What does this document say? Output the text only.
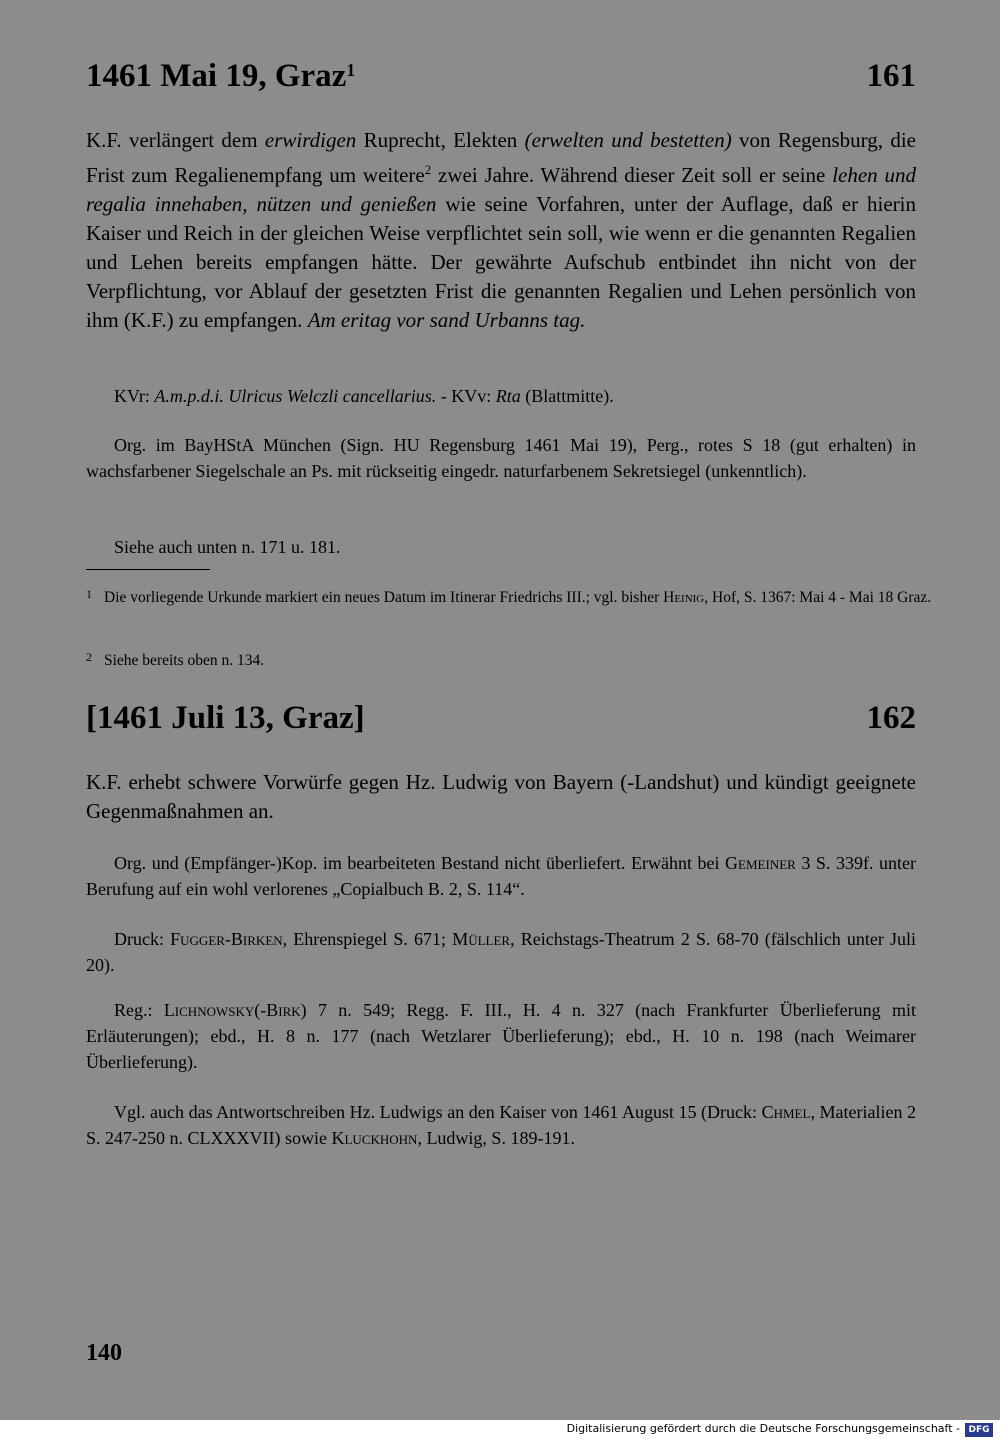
1461 Mai 19, Graz$^1$	161
K.F. verlängert dem erwirdigen Ruprecht, Elekten (erwelten und bestetten) von Regensburg, die Frist zum Regalienempfang um weitere$^2$ zwei Jahre. Während dieser Zeit soll er seine lehen und regalia innehaben, nützen und genießen wie seine Vorfahren, unter der Auflage, daß er hierin Kaiser und Reich in der gleichen Weise verpflichtet sein soll, wie wenn er die genannten Regalien und Lehen bereits empfangen hätte. Der gewährte Aufschub entbindet ihn nicht von der Verpflichtung, vor Ablauf der gesetzten Frist die genannten Regalien und Lehen persönlich von ihm (K.F.) zu empfangen. Am eritag vor sand Urbanns tag.
KVr: A.m.p.d.i. Ulricus Welczli cancellarius. - KVv: Rta (Blattmitte).
Org. im BayHStA München (Sign. HU Regensburg 1461 Mai 19), Perg., rotes S 18 (gut erhalten) in wachsfarbener Siegelschale an Ps. mit rückseitig eingedr. naturfarbenem Sekretsiegel (unkenntlich).
Siehe auch unten n. 171 u. 181.
1 Die vorliegende Urkunde markiert ein neues Datum im Itinerar Friedrichs III.; vgl. bisher Heinig, Hof, S. 1367: Mai 4 - Mai 18 Graz.
2 Siehe bereits oben n. 134.
[1461 Juli 13, Graz]	162
K.F. erhebt schwere Vorwürfe gegen Hz. Ludwig von Bayern (-Landshut) und kündigt geeignete Gegenmaßnahmen an.
Org. und (Empfänger-)Kop. im bearbeiteten Bestand nicht überliefert. Erwähnt bei Gemeiner 3 S. 339f. unter Berufung auf ein wohl verlorenes „Copialbuch B. 2, S. 114“.
Druck: Fugger-Birken, Ehrenspiegel S. 671; Müller, Reichstags-Theatrum 2 S. 68-70 (fälschlich unter Juli 20).
Reg.: Lichnowsky(-Birk) 7 n. 549; Regg. F. III., H. 4 n. 327 (nach Frankfurter Überlieferung mit Erläuterungen); ebd., H. 8 n. 177 (nach Wetzlarer Überlieferung); ebd., H. 10 n. 198 (nach Weimarer Überlieferung).
Vgl. auch das Antwortschreiben Hz. Ludwigs an den Kaiser von 1461 August 15 (Druck: Chmel, Materialien 2 S. 247-250 n. CLXXXVII) sowie Kluckhohn, Ludwig, S. 189-191.
140
Digitalisierung gefördert durch die Deutsche Forschungsgemeinschaft - DFG
